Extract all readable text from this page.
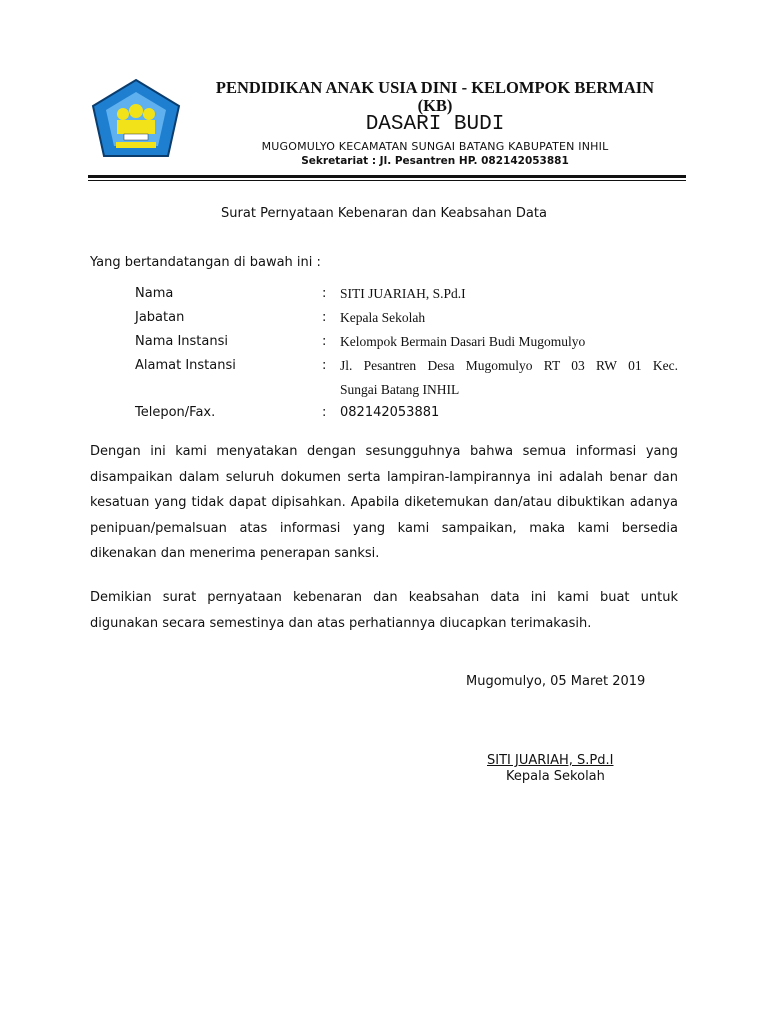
PENDIDIKAN ANAK USIA DINI - KELOMPOK BERMAIN
(KB)
DASARI BUDI
MUGOMULYO KECAMATAN SUNGAI BATANG KABUPATEN INHIL
Sekretariat : Jl. Pesantren HP. 082142053881
Surat Pernyataan Kebenaran dan Keabsahan Data
Yang bertandatangan di bawah ini :
Nama	: SITI JUARIAH, S.Pd.I
Jabatan	: Kepala Sekolah
Nama Instansi	: Kelompok Bermain Dasari Budi Mugomulyo
Alamat Instansi	: Jl. Pesantren Desa Mugomulyo RT 03 RW 01 Kec.
Sungai Batang INHIL
Telepon/Fax.	: 082142053881
Dengan ini kami menyatakan dengan sesungguhnya bahwa semua informasi yang disampaikan dalam seluruh dokumen serta lampiran-lampirannya ini adalah benar dan kesatuan yang tidak dapat dipisahkan. Apabila diketemukan dan/atau dibuktikan adanya penipuan/pemalsuan atas informasi yang kami sampaikan, maka kami bersedia dikenakan dan menerima penerapan sanksi.
Demikian surat pernyataan kebenaran dan keabsahan data ini kami buat untuk digunakan secara semestinya dan atas perhatiannya diucapkan terimakasih.
Mugomulyo, 05 Maret 2019
SITI JUARIAH, S.Pd.I
Kepala Sekolah
